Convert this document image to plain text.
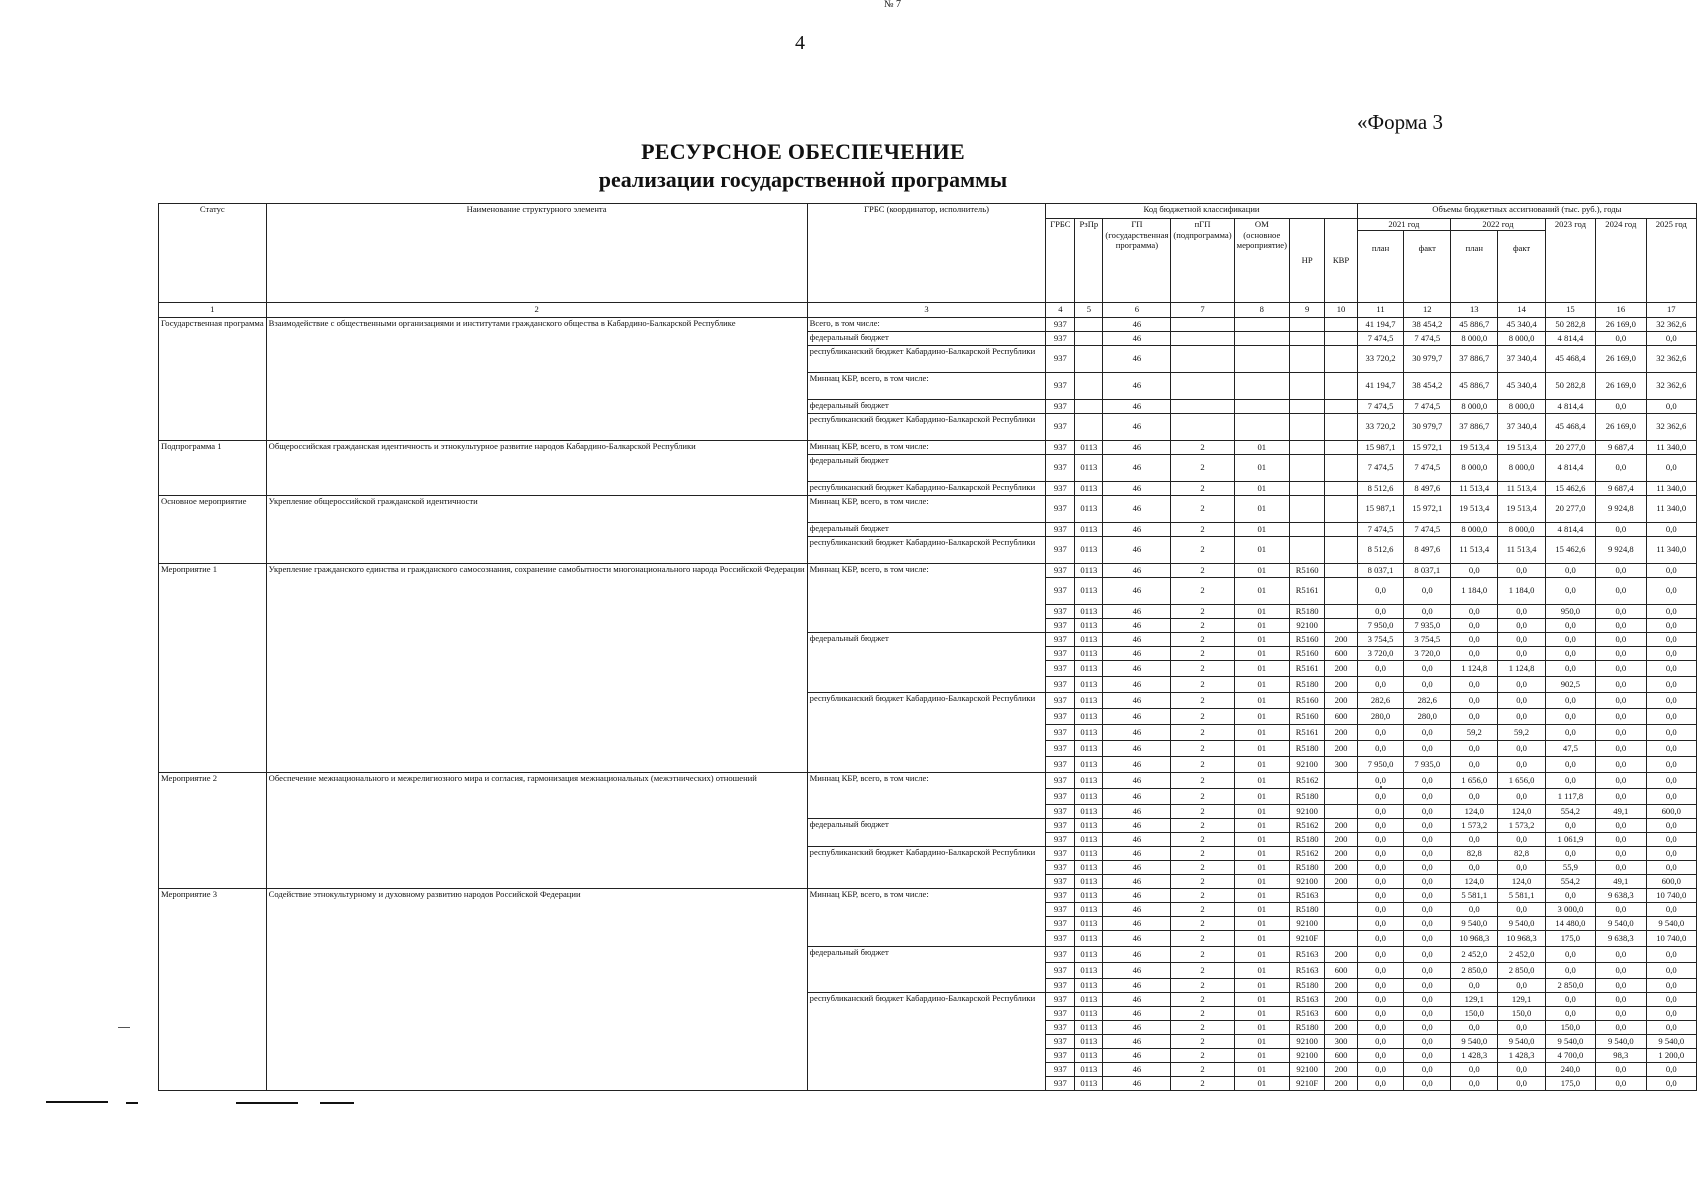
№ 7
4
«Форма 3
РЕСУРСНОЕ ОБЕСПЕЧЕНИЕ
реализации государственной программы
Статус	Наименование структурного элемента	ГРБС (координатор, исполнитель)	Код бюджетной классификации							Объемы бюджетных ассигнований (тыс. руб.), годы						
			ГРБС	РзПр	ГП (государственная программа)	пГП (подпрограмма)	ОМ (основное мероприятие)	НР	КВР	2021 год		2022 год		2023 год	2024 год	2025 год
										план	факт	план	факт			
1	2	3	4	5	6	7	8	9	10	11	12	13	14	15	16	17
Государственная программа	Взаимодействие с общественными организациями и институтами гражданского общества в Кабардино-Балкарской Республике	Всего, в том числе:	937		46					41 194,7	38 454,2	45 886,7	45 340,4	50 282,8	26 169,0	32 362,6
		федеральный бюджет	937		46					7 474,5	7 474,5	8 000,0	8 000,0	4 814,4	0,0	0,0
		республиканский бюджет Кабардино-Балкарской Республики	937		46					33 720,2	30 979,7	37 886,7	37 340,4	45 468,4	26 169,0	32 362,6
		Миннац КБР, всего, в том числе:	937		46					41 194,7	38 454,2	45 886,7	45 340,4	50 282,8	26 169,0	32 362,6
		федеральный бюджет	937		46					7 474,5	7 474,5	8 000,0	8 000,0	4 814,4	0,0	0,0
		республиканский бюджет Кабардино-Балкарской Республики	937		46					33 720,2	30 979,7	37 886,7	37 340,4	45 468,4	26 169,0	32 362,6
Подпрограмма 1	Общероссийская гражданская идентичность и этнокультурное развитие народов Кабардино-Балкарской Республики	Миннац КБР, всего, в том числе:	937	0113	46	2	01			15 987,1	15 972,1	19 513,4	19 513,4	20 277,0	9 687,4	11 340,0
		федеральный бюджет	937	0113	46	2	01			7 474,5	7 474,5	8 000,0	8 000,0	4 814,4	0,0	0,0
		республиканский бюджет Кабардино-Балкарской Республики	937	0113	46	2	01			8 512,6	8 497,6	11 513,4	11 513,4	15 462,6	9 687,4	11 340,0
Основное мероприятие	Укрепление общероссийской гражданской идентичности	Миннац КБР, всего, в том числе:	937	0113	46	2	01			15 987,1	15 972,1	19 513,4	19 513,4	20 277,0	9 924,8	11 340,0
		федеральный бюджет	937	0113	46	2	01			7 474,5	7 474,5	8 000,0	8 000,0	4 814,4	0,0	0,0
		республиканский бюджет Кабардино-Балкарской Республики	937	0113	46	2	01			8 512,6	8 497,6	11 513,4	11 513,4	15 462,6	9 924,8	11 340,0
Мероприятие 1	Укрепление гражданского единства и гражданского самосознания, сохранение самобытности многонационального народа Российской Федерации	Миннац КБР, всего, в том числе:	937	0113	46	2	01	R5160		8 037,1	8 037,1	0,0	0,0	0,0	0,0	0,0
			937	0113	46	2	01	R5161		0,0	0,0	1 184,0	1 184,0	0,0	0,0	0,0
			937	0113	46	2	01	R5180		0,0	0,0	0,0	0,0	950,0	0,0	0,0
			937	0113	46	2	01	92100		7 950,0	7 935,0	0,0	0,0	0,0	0,0	0,0
		федеральный бюджет	937	0113	46	2	01	R5160	200	3 754,5	3 754,5	0,0	0,0	0,0	0,0	0,0
			937	0113	46	2	01	R5160	600	3 720,0	3 720,0	0,0	0,0	0,0	0,0	0,0
			937	0113	46	2	01	R5161	200	0,0	0,0	1 124,8	1 124,8	0,0	0,0	0,0
			937	0113	46	2	01	R5180	200	0,0	0,0	0,0	0,0	902,5	0,0	0,0
		республиканский бюджет Кабардино-Балкарской Республики	937	0113	46	2	01	R5160	200	282,6	282,6	0,0	0,0	0,0	0,0	0,0
			937	0113	46	2	01	R5160	600	280,0	280,0	0,0	0,0	0,0	0,0	0,0
			937	0113	46	2	01	R5161	200	0,0	0,0	59,2	59,2	0,0	0,0	0,0
			937	0113	46	2	01	R5180	200	0,0	0,0	0,0	0,0	47,5	0,0	0,0
			937	0113	46	2	01	92100	300	7 950,0	7 935,0	0,0	0,0	0,0	0,0	0,0
Мероприятие 2	Обеспечение межнационального и межрелигиозного мира и согласия, гармонизация межнациональных (межэтнических) отношений	Миннац КБР, всего, в том числе:	937	0113	46	2	01	R5162		0,0	0,0	1 656,0	1 656,0	0,0	0,0	0,0
			937	0113	46	2	01	R5180		0,0	0,0	0,0	0,0	1 117,8	0,0	0,0
			937	0113	46	2	01	92100		0,0	0,0	124,0	124,0	554,2	49,1	600,0
		федеральный бюджет	937	0113	46	2	01	R5162	200	0,0	0,0	1 573,2	1 573,2	0,0	0,0	0,0
			937	0113	46	2	01	R5180	200	0,0	0,0	0,0	0,0	1 061,9	0,0	0,0
		республиканский бюджет Кабардино-Балкарской Республики	937	0113	46	2	01	R5162	200	0,0	0,0	82,8	82,8	0,0	0,0	0,0
			937	0113	46	2	01	R5180	200	0,0	0,0	0,0	0,0	55,9	0,0	0,0
			937	0113	46	2	01	92100	200	0,0	0,0	124,0	124,0	554,2	49,1	600,0
Мероприятие 3	Содействие этнокультурному и духовному развитию народов Российской Федерации	Миннац КБР, всего, в том числе:	937	0113	46	2	01	R5163		0,0	0,0	5 581,1	5 581,1	0,0	9 638,3	10 740,0
			937	0113	46	2	01	R5180		0,0	0,0	0,0	0,0	3 000,0	0,0	0,0
			937	0113	46	2	01	92100		0,0	0,0	9 540,0	9 540,0	14 480,0	9 540,0	9 540,0
			937	0113	46	2	01	9210F		0,0	0,0	10 968,3	10 968,3	175,0	9 638,3	10 740,0
		федеральный бюджет	937	0113	46	2	01	R5163	200	0,0	0,0	2 452,0	2 452,0	0,0	0,0	0,0
			937	0113	46	2	01	R5163	600	0,0	0,0	2 850,0	2 850,0	0,0	0,0	0,0
			937	0113	46	2	01	R5180	200	0,0	0,0	0,0	0,0	2 850,0	0,0	0,0
		республиканский бюджет Кабардино-Балкарской Республики	937	0113	46	2	01	R5163	200	0,0	0,0	129,1	129,1	0,0	0,0	0,0
			937	0113	46	2	01	R5163	600	0,0	0,0	150,0	150,0	0,0	0,0	0,0
			937	0113	46	2	01	R5180	200	0,0	0,0	0,0	0,0	150,0	0,0	0,0
			937	0113	46	2	01	92100	300	0,0	0,0	9 540,0	9 540,0	9 540,0	9 540,0	9 540,0
			937	0113	46	2	01	92100	600	0,0	0,0	1 428,3	1 428,3	4 700,0	98,3	1 200,0
			937	0113	46	2	01	92100	200	0,0	0,0	0,0	0,0	240,0	0,0	0,0
			937	0113	46	2	01	9210F	200	0,0	0,0	0,0	0,0	175,0	0,0	0,0
